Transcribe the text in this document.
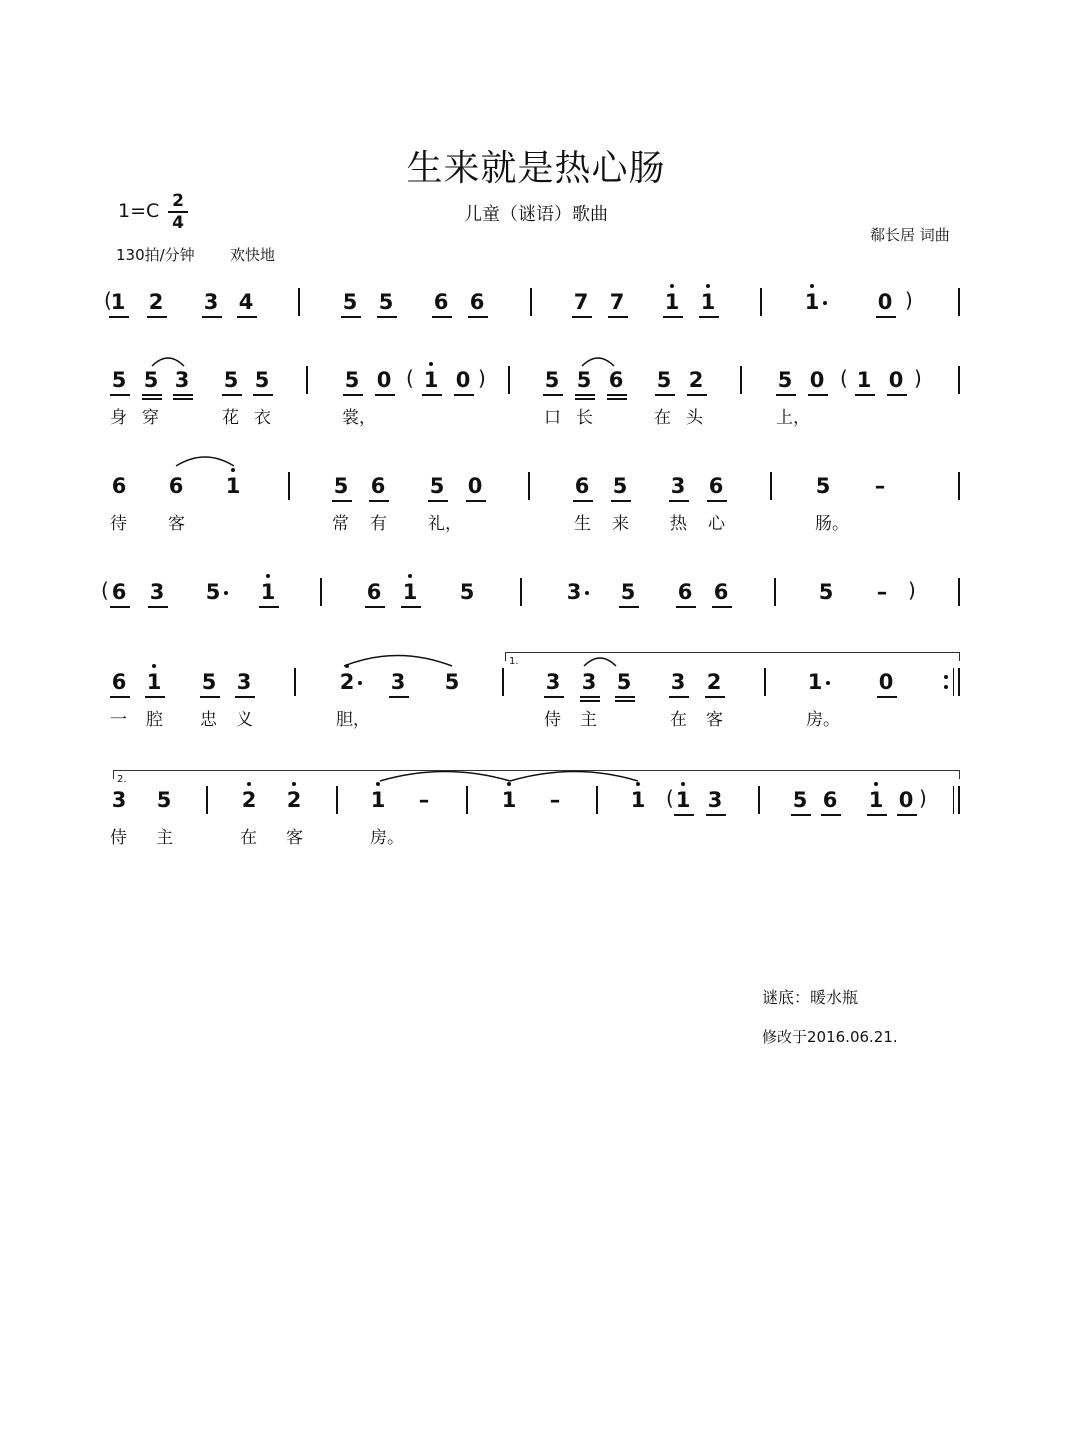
生来就是热心肠
儿童（谜语）歌曲
1=C 2
4
130拍/分钟 欢快地
郗长居 词曲
谜底：暖水瓶
修改于2016.06.21.
1 2 3 4	5 5 6 6	7 7 1 1	1	0
(	)
5 5 3 5 5	5 0 1 0	5 5 6 5 2	5 0 1 0
(	)	(	)
身 穿	花 衣	裳，	口 长	在 头	上，
6 6 1	5 6 5 0	6 5 3 6	5 –
待 客	常 有 礼，	生 来 热 心	肠。
6 3 5 1	6 1 5	3 5 6 6	5 –
(	)
6 1 5 3	2 3 5	3 3 5 3 2	1	0
一 腔 忠 义	胆，	侍 主	在 客	房。
1.
3 5	2 2	1 –	1 –	1 1 3	5 6 1 0
(	)
侍 主	在 客	房。
2.
